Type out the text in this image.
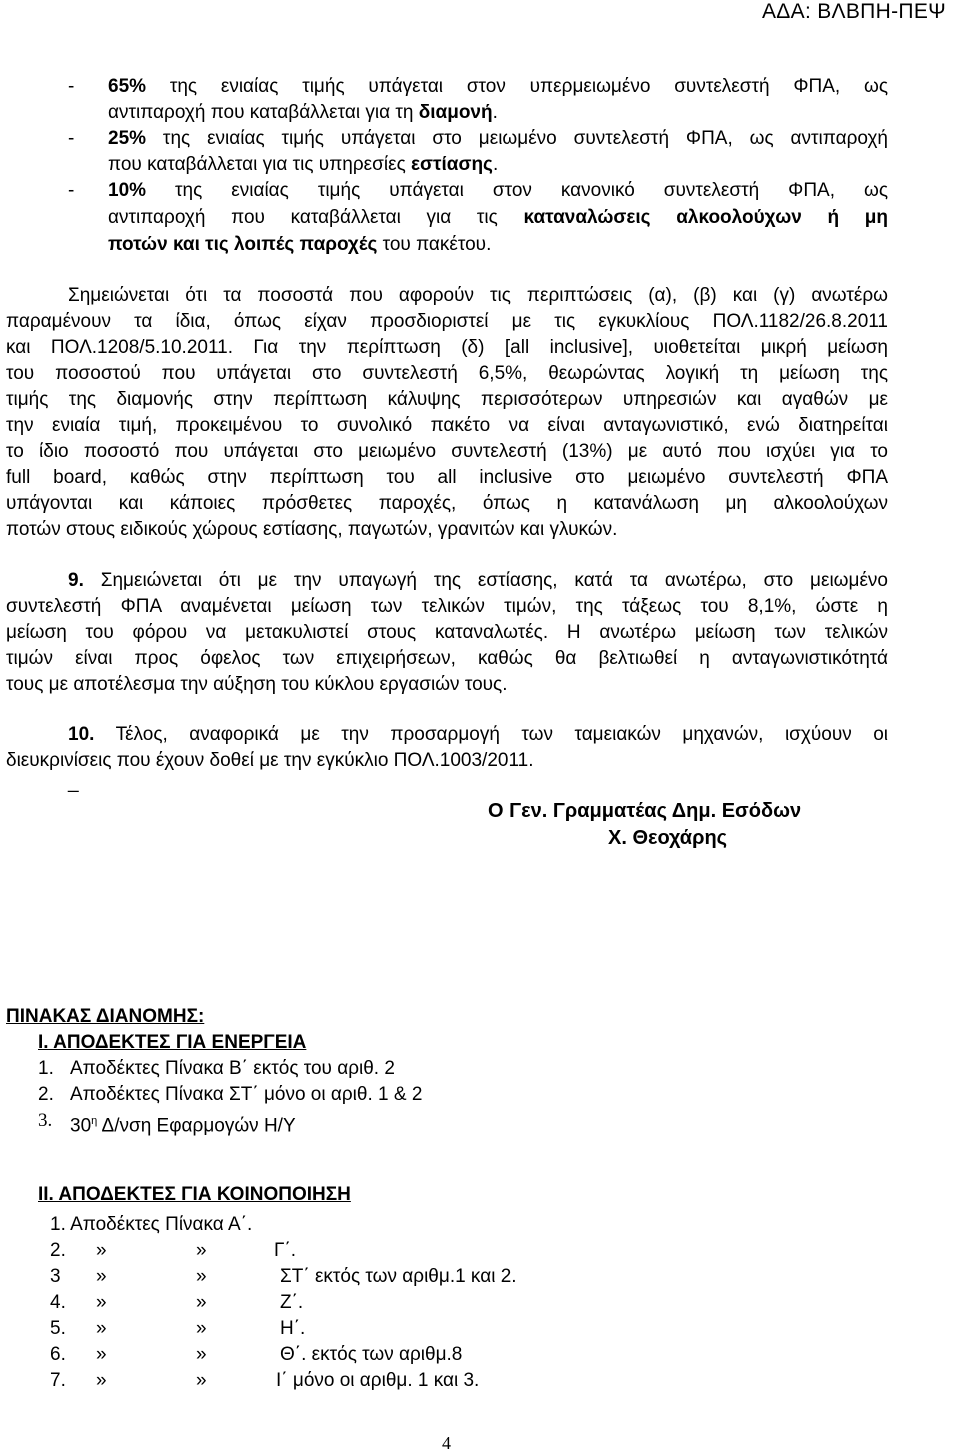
ΑΔΑ: ΒΛΒΠΗ-ΠΕΨ
- 65% της ενιαίας τιμής υπάγεται στον υπερμειωμένο συντελεστή ΦΠΑ, ως
αντιπαροχή που καταβάλλεται για τη διαμονή.
- 25% της ενιαίας τιμής υπάγεται στο μειωμένο συντελεστή ΦΠΑ, ως αντιπαροχή
που καταβάλλεται για τις υπηρεσίες εστίασης.
- 10% της ενιαίας τιμής υπάγεται στον κανονικό συντελεστή ΦΠΑ, ως
αντιπαροχή που καταβάλλεται για τις καταναλώσεις αλκοολούχων ή μη
ποτών και τις λοιπές παροχές του πακέτου.
Σημειώνεται ότι τα ποσοστά που αφορούν τις περιπτώσεις (α), (β) και (γ) ανωτέρω
παραμένουν τα ίδια, όπως είχαν προσδιοριστεί με τις εγκυκλίους ΠΟΛ.1182/26.8.2011
και ΠΟΛ.1208/5.10.2011. Για την περίπτωση (δ) [all inclusive], υιοθετείται μικρή μείωση
του ποσοστού που υπάγεται στο συντελεστή 6,5%, θεωρώντας λογική τη μείωση της
τιμής της διαμονής στην περίπτωση κάλυψης περισσότερων υπηρεσιών και αγαθών με
την ενιαία τιμή, προκειμένου το συνολικό πακέτο να είναι ανταγωνιστικό, ενώ διατηρείται
το ίδιο ποσοστό που υπάγεται στο μειωμένο συντελεστή (13%) με αυτό που ισχύει για το
full board, καθώς στην περίπτωση του all inclusive στο μειωμένο συντελεστή ΦΠΑ
υπάγονται και κάποιες πρόσθετες παροχές, όπως η κατανάλωση μη αλκοολούχων
ποτών στους ειδικούς χώρους εστίασης, παγωτών, γρανιτών και γλυκών.
9. Σημειώνεται ότι με την υπαγωγή της εστίασης, κατά τα ανωτέρω, στο μειωμένο
συντελεστή ΦΠΑ αναμένεται μείωση των τελικών τιμών, της τάξεως του 8,1%, ώστε η
μείωση του φόρου να μετακυλιστεί στους καταναλωτές. Η ανωτέρω μείωση των τελικών
τιμών είναι προς όφελος των επιχειρήσεων, καθώς θα βελτιωθεί η ανταγωνιστικότητά
τους με αποτέλεσμα την αύξηση του κύκλου εργασιών τους.
10. Τέλος, αναφορικά με την προσαρμογή των ταμειακών μηχανών, ισχύουν οι
διευκρινίσεις που έχουν δοθεί με την εγκύκλιο ΠΟΛ.1003/2011.
_
Ο Γεν. Γραμματέας Δημ. Εσόδων
Χ. Θεοχάρης
ΠΙΝΑΚΑΣ ΔΙΑΝΟΜΗΣ:
Ι. ΑΠΟΔΕΚΤΕΣ ΓΙΑ ΕΝΕΡΓΕΙΑ
1. Αποδέκτες Πίνακα Β΄ εκτός του αριθ. 2
2. Αποδέκτες Πίνακα ΣΤ΄ μόνο οι αριθ. 1 & 2
3. $30^\eta$ Δ/νση Εφαρμογών Η/Υ
ΙΙ. ΑΠΟΔΕΚΤΕΣ ΓΙΑ ΚΟΙΝΟΠΟΙΗΣΗ
1. Αποδέκτες Πίνακα Α΄.
2. »	»	Γ΄.
3 »	»	ΣΤ΄ εκτός των αριθμ.1 και 2.
4. »	»	Ζ΄.
5. »	»	Η΄.
6. »	»	Θ΄. εκτός των αριθμ.8
7. »	»	Ι΄ μόνο οι αριθμ. 1 και 3.
4
